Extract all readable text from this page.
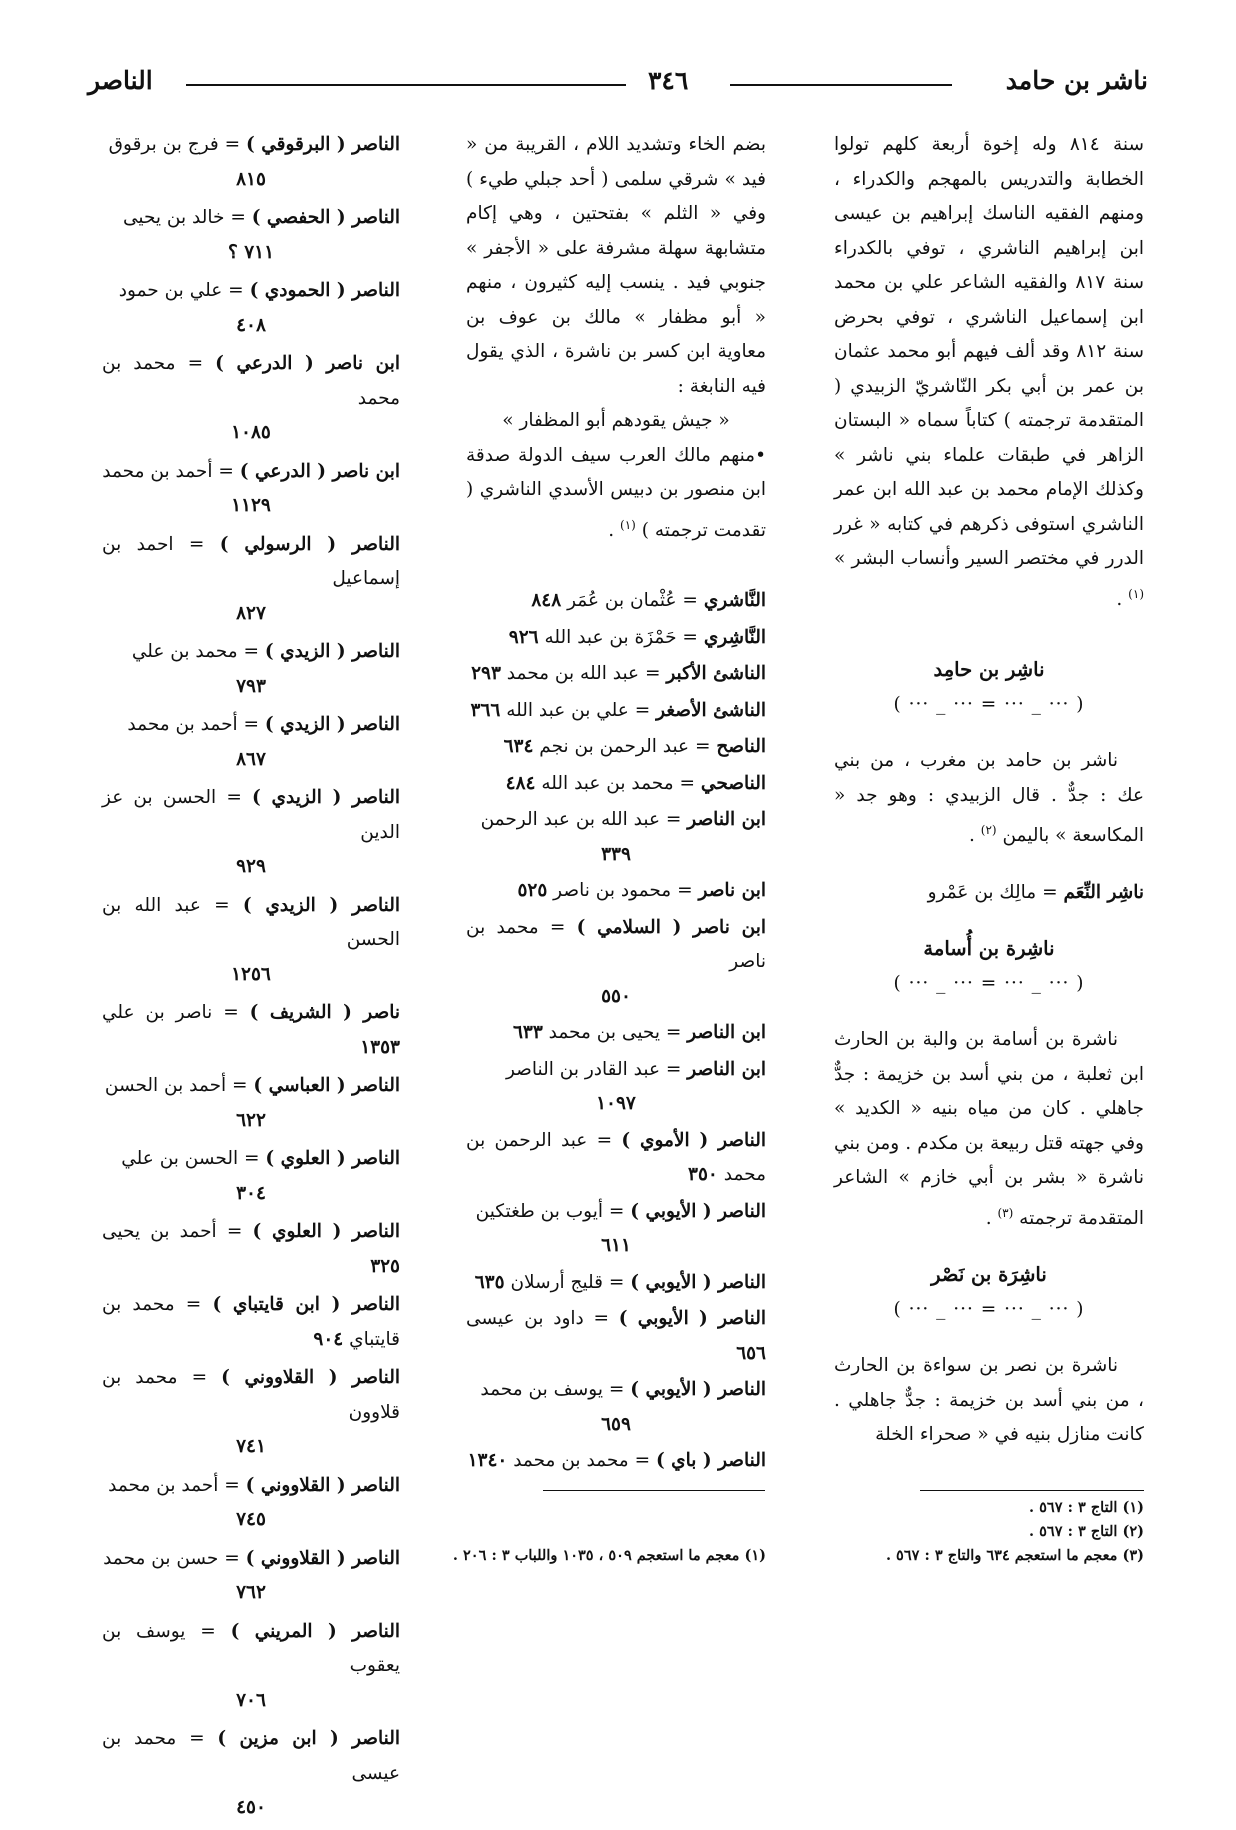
ناشر بن حامد
٣٤٦
الناصر

سنة ٨١٤ وله إخوة أربعة كلهم تولوا الخطابة والتدريس بالمهجم والكدراء ، ومنهم الفقيه الناسك إبراهيم بن عيسى ابن إبراهيم الناشري ، توفي بالكدراء سنة ٨١٧ والفقيه الشاعر علي بن محمد ابن إسماعيل الناشري ، توفي بحرض سنة ٨١٢ وقد ألف فيهم أبو محمد عثمان بن عمر بن أبي بكر النّاشريّ الزبيدي ( المتقدمة ترجمته ) كتاباً سماه « البستان الزاهر في طبقات علماء بني ناشر » وكذلك الإمام محمد بن عبد الله ابن عمر الناشري استوفى ذكرهم في كتابه « غرر الدرر في مختصر السير وأنساب البشر » $^{(١)}$ .

ناشِر بن حامِد

( ··· _ ··· = ··· _ ··· )

ناشر بن حامد بن مغرب ، من بني عك : جدٌّ . قال الزبيدي : وهو جد « المكاسعة » باليمن $^{(٢)}$ .

ناشِر النِّعَم = مالِك بن عَمْرو

ناشِرة بن أُسامة

( ··· _ ··· = ··· _ ··· )

ناشرة بن أسامة بن والبة بن الحارث ابن ثعلبة ، من بني أسد بن خزيمة : جدٌّ جاهلي . كان من مياه بنيه « الكديد » وفي جهته قتل ربيعة بن مكدم . ومن بني ناشرة « بشر بن أبي خازم » الشاعر المتقدمة ترجمته $^{(٣)}$ .

ناشِرَة بن نَصْر

( ··· _ ··· = ··· _ ··· )

ناشرة بن نصر بن سواءة بن الحارث ، من بني أسد بن خزيمة : جدٌّ جاهلي . كانت منازل بنيه في « صحراء الخلة

(١) التاج ٣ : ٥٦٧ .
(٢) التاج ٣ : ٥٦٧ .
(٣) معجم ما استعجم ٦٣٤ والتاج ٣ : ٥٦٧ .

بضم الخاء وتشديد اللام ، القريبة من « فيد » شرقي سلمى ( أحد جبلي طيء ) وفي « الثلم » بفتحتين ، وهي إكام متشابهة سهلة مشرفة على « الأجفر » جنوبي فيد . ينسب إليه كثيرون ، منهم « أبو مظفار » مالك بن عوف بن معاوية ابن كسر بن ناشرة ، الذي يقول فيه النابغة :

« جيش يقودهم أبو المظفار »

•منهم مالك العرب سيف الدولة صدقة ابن منصور بن دبيس الأسدي الناشري ( تقدمت ترجمته ) $^{(١)}$ .

النَّاشري = عُثْمان بن عُمَر ٨٤٨

النَّاشِري = حَمْزَة بن عبد الله ٩٢٦

الناشئ الأكبر = عبد الله بن محمد ٢٩٣

الناشئ الأصغر = علي بن عبد الله ٣٦٦

الناصح = عبد الرحمن بن نجم ٦٣٤

الناصحي = محمد بن عبد الله ٤٨٤

ابن الناصر = عبد الله بن عبد الرحمن
٣٣٩

ابن ناصر = محمود بن ناصر ٥٢٥

ابن ناصر ( السلامي ) = محمد بن ناصر
٥٥٠

ابن الناصر = يحيى بن محمد ٦٣٣

ابن الناصر = عبد القادر بن الناصر
١٠٩٧

الناصر ( الأموي ) = عبد الرحمن بن محمد ٣٥٠

الناصر ( الأيوبي ) = أيوب بن طغتكين
٦١١

الناصر ( الأيوبي ) = قليج أرسلان ٦٣٥

الناصر ( الأيوبي ) = داود بن عيسى ٦٥٦

الناصر ( الأيوبي ) = يوسف بن محمد
٦٥٩

الناصر ( باي ) = محمد بن محمد ١٣٤٠

(١) معجم ما استعجم ٥٠٩ ، ١٠٣٥ واللباب ٣ : ٢٠٦ .

الناصر ( البرقوقي ) = فرج بن برقوق
٨١٥

الناصر ( الحفصي ) = خالد بن يحيى
٧١١ ؟

الناصر ( الحمودي ) = علي بن حمود
٤٠٨

ابن ناصر ( الدرعي ) = محمد بن محمد
١٠٨٥

ابن ناصر ( الدرعي ) = أحمد بن محمد
١١٢٩

الناصر ( الرسولي ) = احمد بن إسماعيل
٨٢٧

الناصر ( الزيدي ) = محمد بن علي
٧٩٣

الناصر ( الزيدي ) = أحمد بن محمد
٨٦٧

الناصر ( الزيدي ) = الحسن بن عز الدين
٩٢٩

الناصر ( الزيدي ) = عبد الله بن الحسن
١٢٥٦

ناصر ( الشريف ) = ناصر بن علي ١٣٥٣

الناصر ( العباسي ) = أحمد بن الحسن
٦٢٢

الناصر ( العلوي ) = الحسن بن علي
٣٠٤

الناصر ( العلوي ) = أحمد بن يحيى ٣٢٥

الناصر ( ابن قايتباي ) = محمد بن قايتباي ٩٠٤

الناصر ( القلاووني ) = محمد بن قلاوون
٧٤١

الناصر ( القلاووني ) = أحمد بن محمد
٧٤٥

الناصر ( القلاووني ) = حسن بن محمد
٧٦٢

الناصر ( المريني ) = يوسف بن يعقوب
٧٠٦

الناصر ( ابن مزين ) = محمد بن عيسى
٤٥٠
